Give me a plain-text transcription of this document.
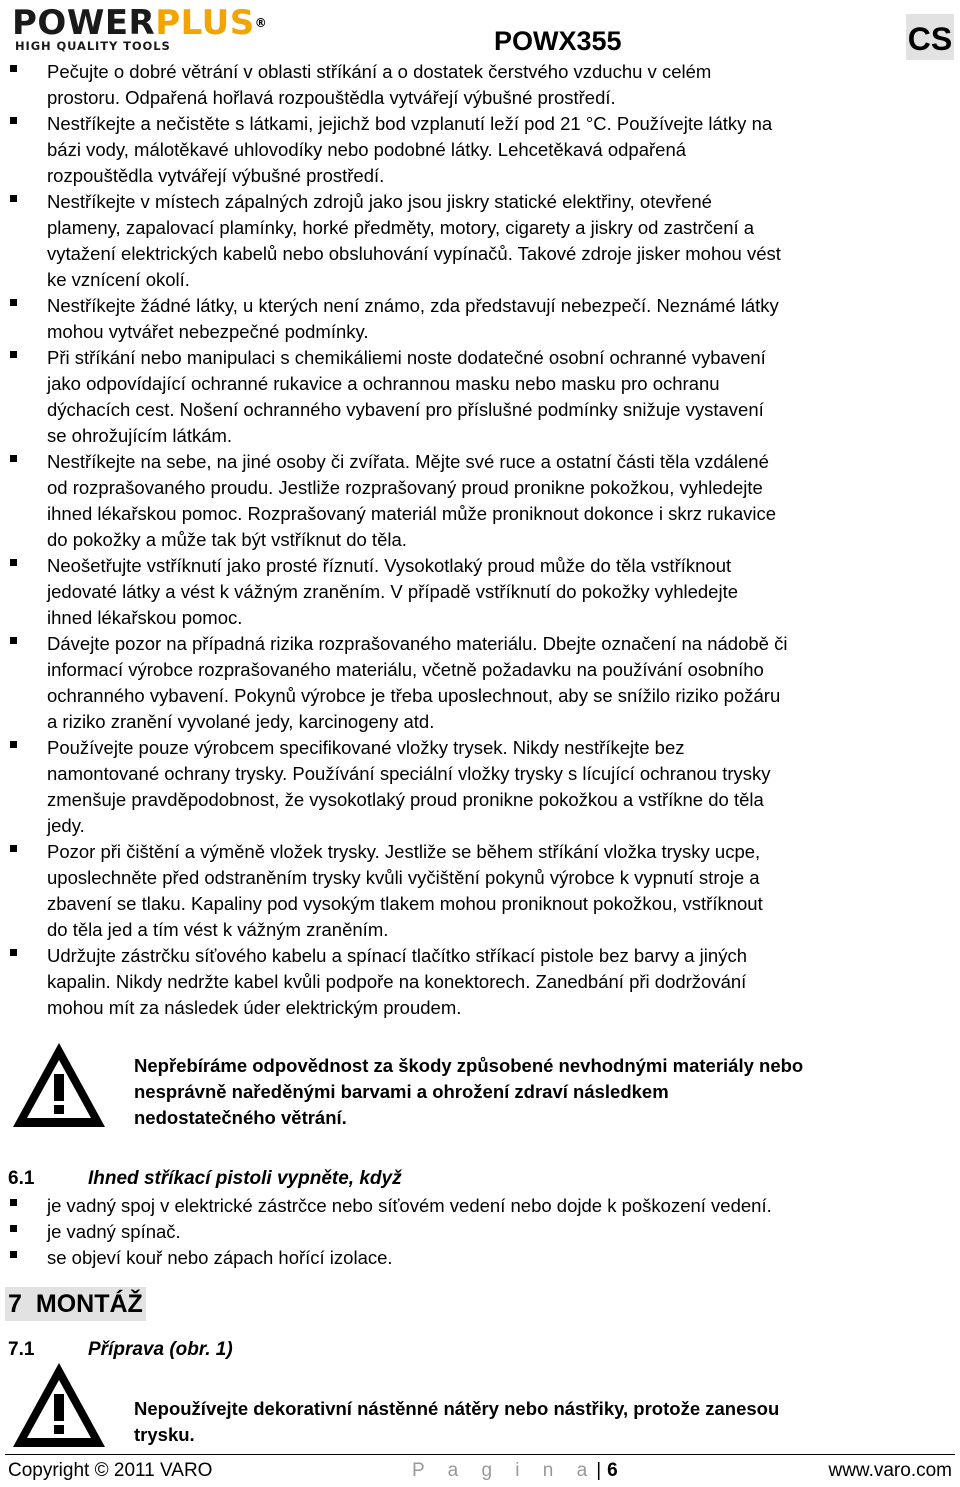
POWERPLUS®
HIGH QUALITY TOOLS	POWX355	CS

Pečujte o dobré větrání v oblasti stříkání a o dostatek čerstvého vzduchu v celém

prostoru. Odpařená hořlavá rozpouštědla vytvářejí výbušné prostředí.

Nestříkejte a nečistěte s látkami, jejichž bod vzplanutí leží pod 21 °C. Používejte látky na

bázi vody, málotěkavé uhlovodíky nebo podobné látky. Lehcetěkavá odpařená

rozpouštědla vytvářejí výbušné prostředí.

Nestříkejte v místech zápalných zdrojů jako jsou jiskry statické elektřiny, otevřené

plameny, zapalovací plamínky, horké předměty, motory, cigarety a jiskry od zastrčení a

vytažení elektrických kabelů nebo obsluhování vypínačů. Takové zdroje jisker mohou vést

ke vznícení okolí.

Nestříkejte žádné látky, u kterých není známo, zda představují nebezpečí. Neznámé látky

mohou vytvářet nebezpečné podmínky.

Při stříkání nebo manipulaci s chemikáliemi noste dodatečné osobní ochranné vybavení

jako odpovídající ochranné rukavice a ochrannou masku nebo masku pro ochranu

dýchacích cest. Nošení ochranného vybavení pro příslušné podmínky snižuje vystavení

se ohrožujícím látkám.

Nestříkejte na sebe, na jiné osoby či zvířata. Mějte své ruce a ostatní části těla vzdálené

od rozprašovaného proudu. Jestliže rozprašovaný proud pronikne pokožkou, vyhledejte

ihned lékařskou pomoc. Rozprašovaný materiál může proniknout dokonce i skrz rukavice

do pokožky a může tak být vstříknut do těla.

Neošetřujte vstříknutí jako prosté říznutí. Vysokotlaký proud může do těla vstříknout

jedovaté látky a vést k vážným zraněním. V případě vstříknutí do pokožky vyhledejte

ihned lékařskou pomoc.

Dávejte pozor na případná rizika rozprašovaného materiálu. Dbejte označení na nádobě či

informací výrobce rozprašovaného materiálu, včetně požadavku na používání osobního

ochranného vybavení. Pokynů výrobce je třeba uposlechnout, aby se snížilo riziko požáru

a riziko zranění vyvolané jedy, karcinogeny atd.

Používejte pouze výrobcem specifikované vložky trysek. Nikdy nestříkejte bez

namontované ochrany trysky. Používání speciální vložky trysky s lícující ochranou trysky

zmenšuje pravděpodobnost, že vysokotlaký proud pronikne pokožkou a vstříkne do těla

jedy.

Pozor při čištění a výměně vložek trysky. Jestliže se během stříkání vložka trysky ucpe,

uposlechněte před odstraněním trysky kvůli vyčištění pokynů výrobce k vypnutí stroje a

zbavení se tlaku. Kapaliny pod vysokým tlakem mohou proniknout pokožkou, vstříknout

do těla jed a tím vést k vážným zraněním.

Udržujte zástrčku síťového kabelu a spínací tlačítko stříkací pistole bez barvy a jiných

kapalin. Nikdy nedržte kabel kvůli podpoře na konektorech. Zanedbání při dodržování

mohou mít za následek úder elektrickým proudem.

Nepřebíráme odpovědnost za škody způsobené nevhodnými materiály nebo
nesprávně naředěnými barvami a ohrožení zdraví následkem
nedostatečného větrání.
6.1	Ihned stříkací pistoli vypněte, když

je vadný spoj v elektrické zástrčce nebo síťovém vedení nebo dojde k poškození vedení.

je vadný spínač.

se objeví kouř nebo zápach hořící izolace.

7 MONTÁŽ
7.1	Příprava (obr. 1)
Nepoužívejte dekorativní nástěnné nátěry nebo nástřiky, protože zanesou
trysku.
Copyright © 2011 VARO	P a g i n a| 6	www.varo.com
